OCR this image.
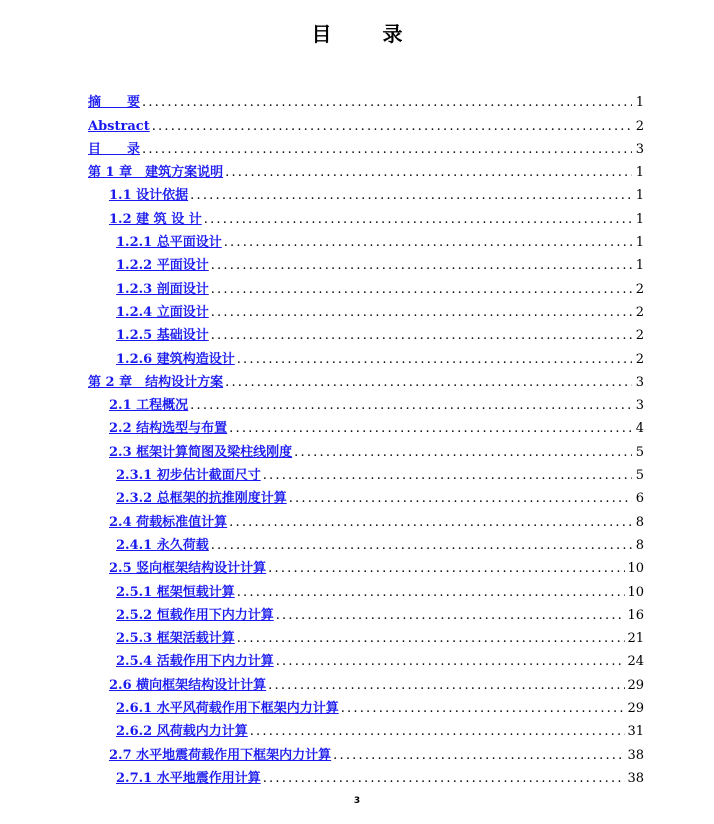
目 录
摘　　要 .....	1
Abstract .....	2
目　　录 .....	3
第 1 章　建筑方案说明 .....	1
1.1 设计依据 .....	1
1.2 建 筑 设 计 .....	1
1.2.1 总平面设计 .....	1
1.2.2 平面设计 .....	1
1.2.3 剖面设计 .....	2
1.2.4 立面设计 .....	2
1.2.5 基础设计 .....	2
1.2.6 建筑构造设计 .....	2
第 2 章　结构设计方案 .....	3
2.1 工程概况 .....	3
2.2 结构选型与布置 .....	4
2.3 框架计算简图及梁柱线刚度 .....	5
2.3.1 初步估计截面尺寸 .....	5
2.3.2 总框架的抗推刚度计算 .....	6
2.4 荷载标准值计算 .....	8
2.4.1 永久荷载 .....	8
2.5 竖向框架结构设计计算 .....	10
2.5.1 框架恒载计算 .....	10
2.5.2 恒载作用下内力计算 .....	16
2.5.3 框架活载计算 .....	21
2.5.4 活载作用下内力计算 .....	24
2.6 横向框架结构设计计算 .....	29
2.6.1 水平风荷载作用下框架内力计算 .....	29
2.6.2 风荷载内力计算 .....	31
2.7 水平地震荷载作用下框架内力计算 .....	38
2.7.1 水平地震作用计算 .....	38
3
